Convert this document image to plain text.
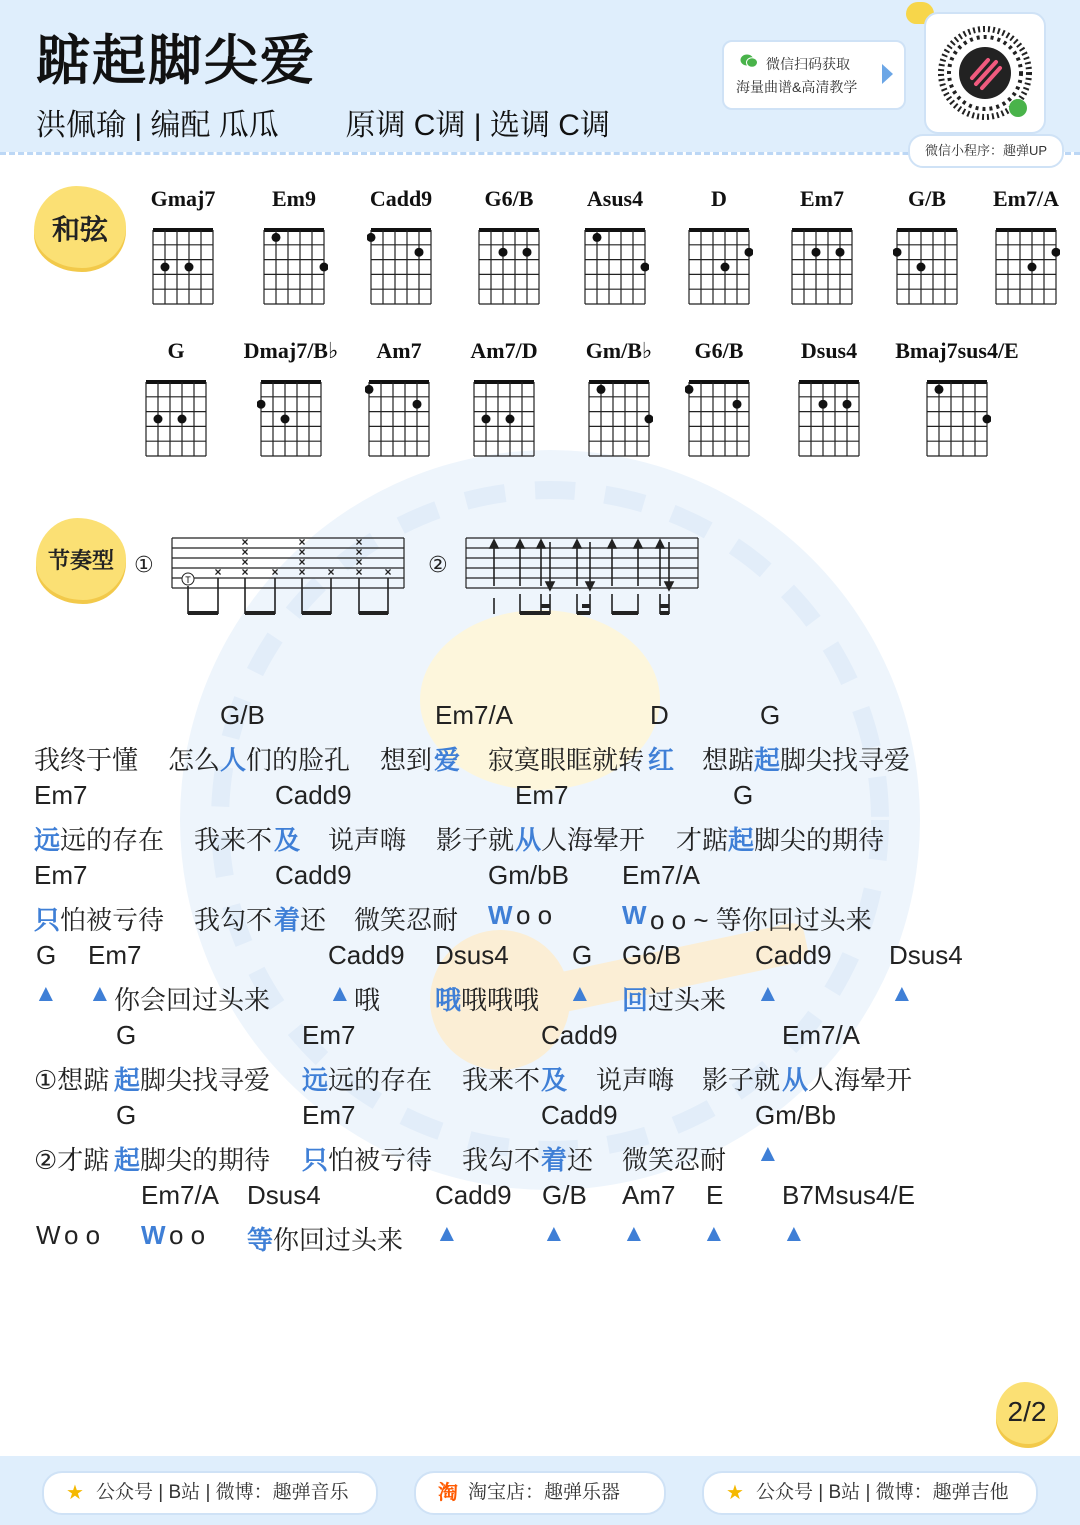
踮起脚尖爱
洪佩瑜 | 编配 瓜瓜        原调 C调 | 选调 C调
微信扫码获取
海量曲谱&高清教学
微信小程序：趣弹UP
和弦
节奏型
Gmaj7	Em9 Cadd9 G6/B Asus4	D	Em7	G/B Em7/A
G	Dmaj7/B♭ Am7 Am7/D Gm/B♭ G6/B	Dsus4 Bmaj7sus4/E
①	×
×
×
×
× ×
×
×
×
× ×
×
×
×
× ×
T
②
G/B	Em7/A	D	G
我终于懂 怎么 人 们的脸孔 想到 爱 寂寞眼眶就转 红 想踮 起 脚尖找寻爱
Em7	Cadd9	Em7	G
远 远的存在 我来不 及 说声嗨 影子就 从 人海晕开 才踮 起 脚尖的期待
Em7	Cadd9	Gm/bB Em7/A
只 怕被亏待 我勾不 着 还 微笑忍耐 W o o	W o o ~ 等你回过头来
G Em7	Cadd9 Dsus4 G G6/B	Cadd9 Dsus4
▲ ▲ 你会回过头来 ▲ 哦 哦 哦哦哦 ▲ 回 过头来 ▲	▲
G	Em7	Cadd9	Em7/A
①想踮 起 脚尖找寻爱 远 远的存在 我来不 及 说声嗨 影子就 从 人海晕开
G	Em7	Cadd9	Gm/Bb
②才踮 起 脚尖的期待 只 怕被亏待 我勾不 着 还 微笑忍耐 ▲
Em7/A Dsus4	Cadd9 G/B Am7 E B7Msus4/E
W o o W o o 等 你回过头来 ▲	▲ ▲ ▲ ▲
2/2
★ 公众号 | B站 | 微博：趣弹音乐	淘 淘宝店：趣弹乐器	★ 公众号 | B站 | 微博：趣弹吉他
